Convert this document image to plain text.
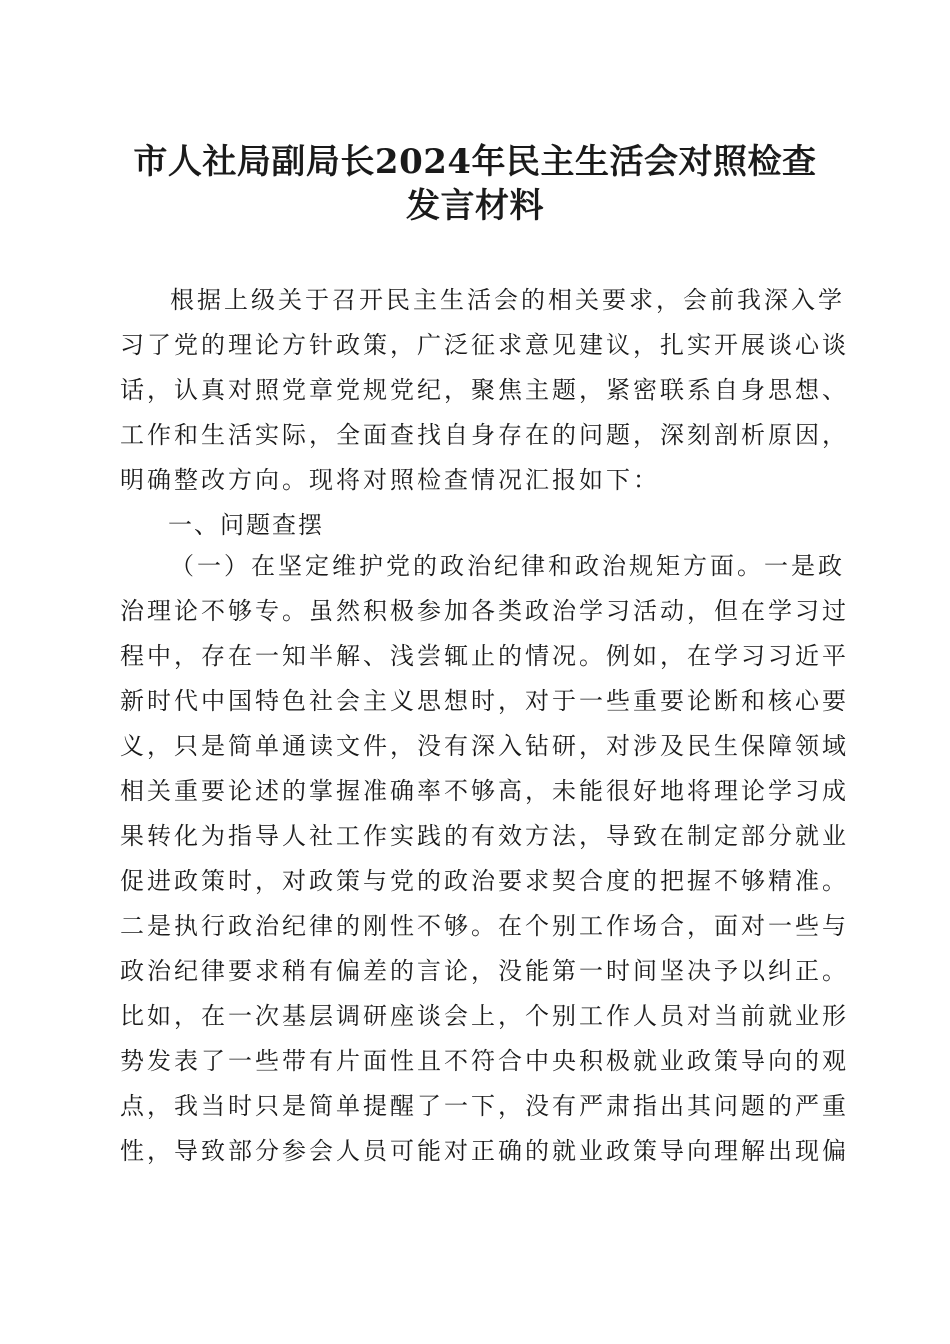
市人社局副局长2024年民主生活会对照检查
发言材料
根据上级关于召开民主生活会的相关要求，会前我深入学
习了党的理论方针政策，广泛征求意见建议，扎实开展谈心谈
话，认真对照党章党规党纪，聚焦主题，紧密联系自身思想、
工作和生活实际，全面查找自身存在的问题，深刻剖析原因，
明确整改方向。现将对照检查情况汇报如下：
一、问题查摆
（一）在坚定维护党的政治纪律和政治规矩方面。一是政
治理论不够专。虽然积极参加各类政治学习活动，但在学习过
程中，存在一知半解、浅尝辄止的情况。例如，在学习习近平
新时代中国特色社会主义思想时，对于一些重要论断和核心要
义，只是简单通读文件，没有深入钻研，对涉及民生保障领域
相关重要论述的掌握准确率不够高，未能很好地将理论学习成
果转化为指导人社工作实践的有效方法，导致在制定部分就业
促进政策时，对政策与党的政治要求契合度的把握不够精准。
二是执行政治纪律的刚性不够。在个别工作场合，面对一些与
政治纪律要求稍有偏差的言论，没能第一时间坚决予以纠正。
比如，在一次基层调研座谈会上，个别工作人员对当前就业形
势发表了一些带有片面性且不符合中央积极就业政策导向的观
点，我当时只是简单提醒了一下，没有严肃指出其问题的严重
性，导致部分参会人员可能对正确的就业政策导向理解出现偏
